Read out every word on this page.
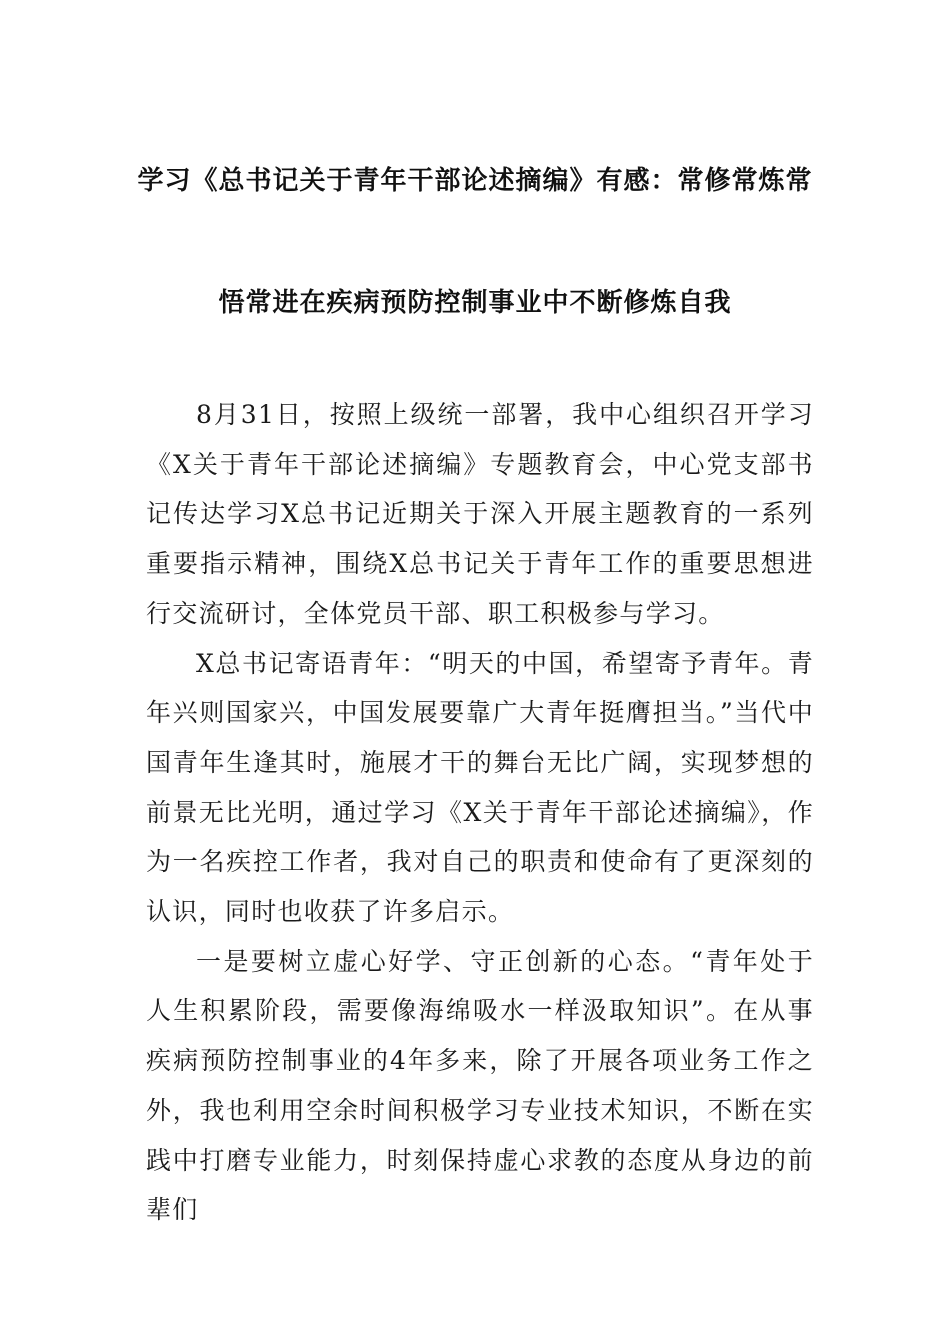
学习《总书记关于青年干部论述摘编》有感：常修常炼常
悟常进在疾病预防控制事业中不断修炼自我

8月31日，按照上级统一部署，我中心组织召开学习《X关于青年干部论述摘编》专题教育会，中心党支部书记传达学习X总书记近期关于深入开展主题教育的一系列重要指示精神，围绕X总书记关于青年工作的重要思想进行交流研讨，全体党员干部、职工积极参与学习。

X总书记寄语青年：“明天的中国，希望寄予青年。青年兴则国家兴，中国发展要靠广大青年挺膺担当。”当代中国青年生逢其时，施展才干的舞台无比广阔，实现梦想的前景无比光明，通过学习《X关于青年干部论述摘编》，作为一名疾控工作者，我对自己的职责和使命有了更深刻的认识，同时也收获了许多启示。

一是要树立虚心好学、守正创新的心态。“青年处于人生积累阶段，需要像海绵吸水一样汲取知识”。在从事疾病预防控制事业的4年多来，除了开展各项业务工作之外，我也利用空余时间积极学习专业技术知识，不断在实践中打磨专业能力，时刻保持虚心求教的态度从身边的前辈们
